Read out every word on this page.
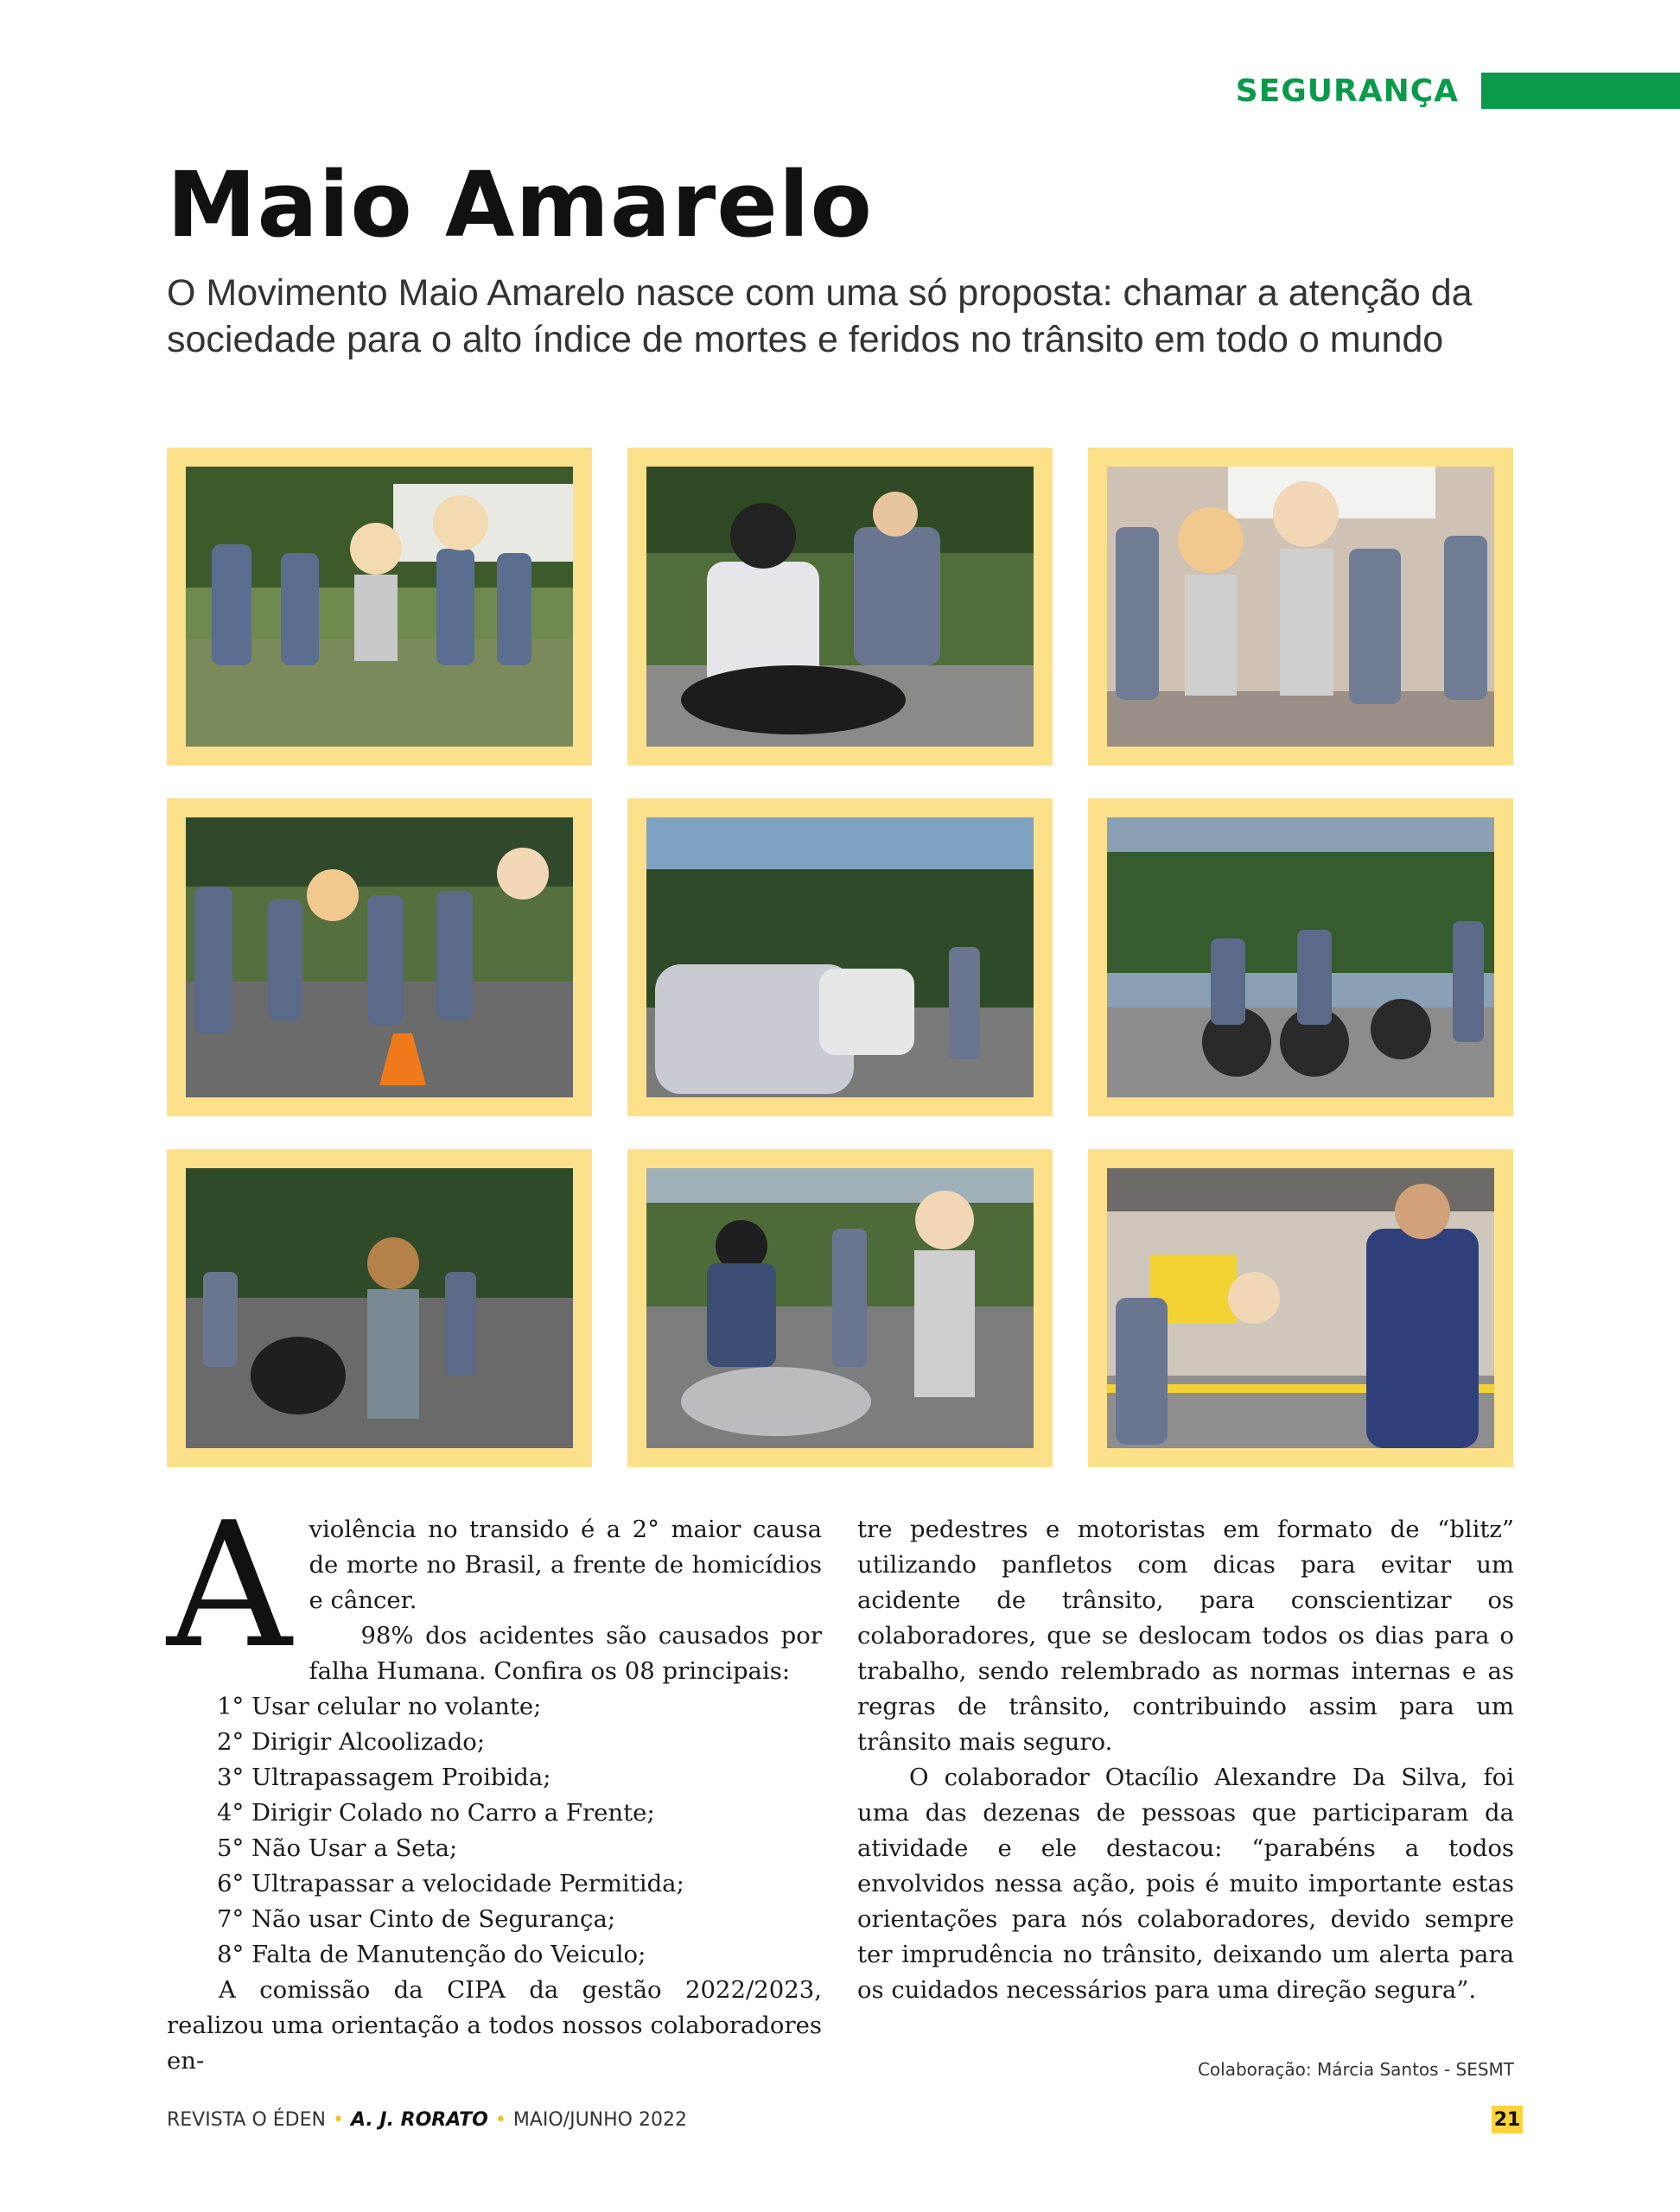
SEGURANÇA
Maio Amarelo

O Movimento Maio Amarelo nasce com uma só proposta: chamar a atenção da sociedade para o alto índice de mortes e feridos no trânsito em todo o mundo

A violência no transido é a 2° maior causa de morte no Brasil, a frente de homicídios e câncer.

98% dos acidentes são causados por falha Humana. Confira os 08 principais:

1° Usar celular no volante;

2° Dirigir Alcoolizado;

3° Ultrapassagem Proibida;

4° Dirigir Colado no Carro a Frente;

5° Não Usar a Seta;

6° Ultrapassar a velocidade Permitida;

7° Não usar Cinto de Segurança;

8° Falta de Manutenção do Veiculo;

A comissão da CIPA da gestão 2022/2023, realizou uma orientação a todos nossos colaboradores en-

tre pedestres e motoristas em formato de “blitz” utilizando panfletos com dicas para evitar um acidente de trânsito, para conscientizar os colaboradores, que se deslocam todos os dias para o trabalho, sendo relembrado as normas internas e as regras de trânsito, contribuindo assim para um trânsito mais seguro.

O colaborador Otacílio Alexandre Da Silva, foi uma das dezenas de pessoas que participaram da atividade e ele destacou: “parabéns a todos envolvidos nessa ação, pois é muito importante estas orientações para nós colaboradores, devido sempre ter imprudência no trânsito, deixando um alerta para os cuidados necessários para uma direção segura”.

Colaboração: Márcia Santos - SESMT
REVISTA O ÉDEN • A. J. RORATO • MAIO/JUNHO 2022	21
